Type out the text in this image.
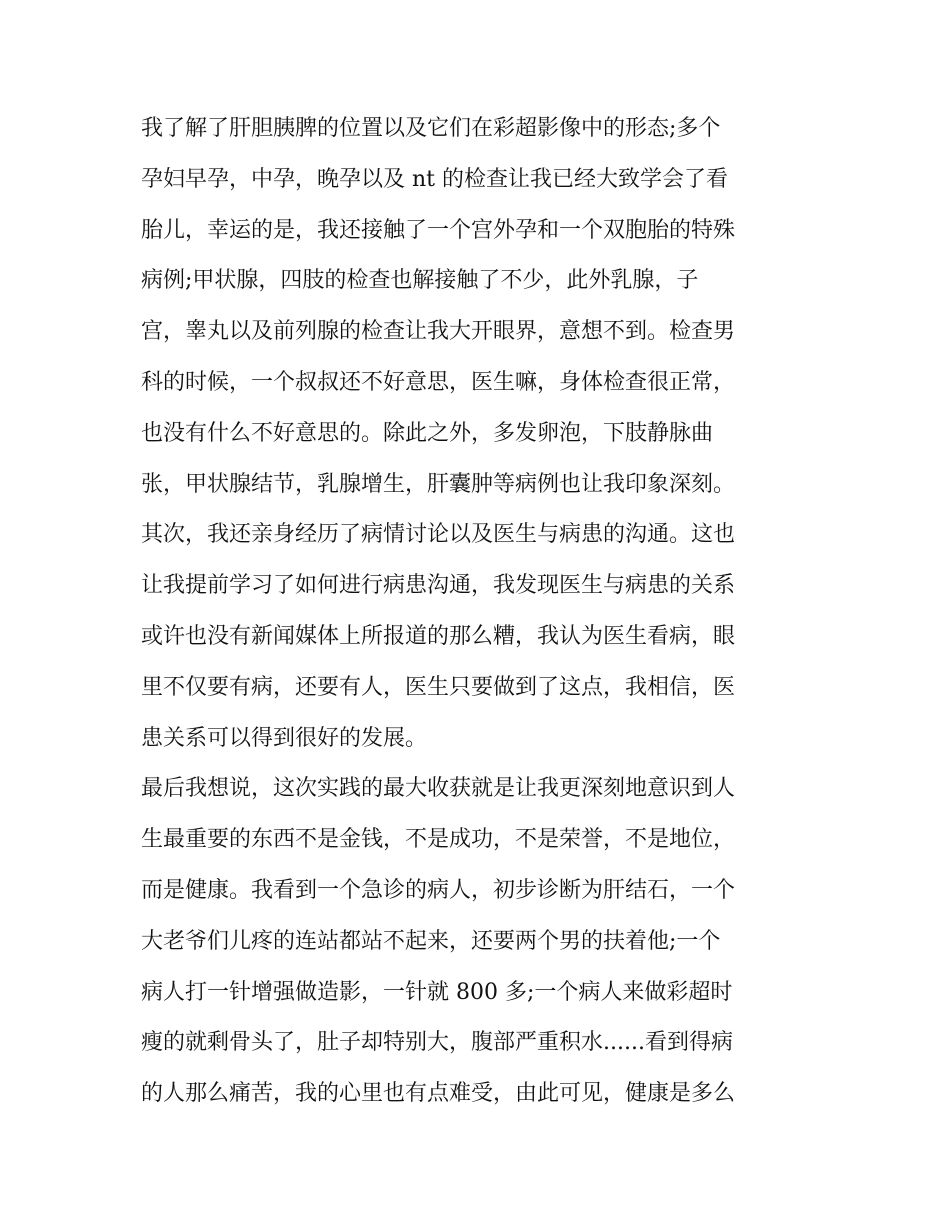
我了解了肝胆胰脾的位置以及它们在彩超影像中的形态;多个
孕妇早孕，中孕，晚孕以及 nt 的检查让我已经大致学会了看
胎儿，幸运的是，我还接触了一个宫外孕和一个双胞胎的特殊
病例;甲状腺，四肢的检查也解接触了不少，此外乳腺，子
宫，睾丸以及前列腺的检查让我大开眼界，意想不到。检查男
科的时候，一个叔叔还不好意思，医生嘛，身体检查很正常，
也没有什么不好意思的。除此之外，多发卵泡，下肢静脉曲
张，甲状腺结节，乳腺增生，肝囊肿等病例也让我印象深刻。
其次，我还亲身经历了病情讨论以及医生与病患的沟通。这也
让我提前学习了如何进行病患沟通，我发现医生与病患的关系
或许也没有新闻媒体上所报道的那么糟，我认为医生看病，眼
里不仅要有病，还要有人，医生只要做到了这点，我相信，医
患关系可以得到很好的发展。
最后我想说，这次实践的最大收获就是让我更深刻地意识到人
生最重要的东西不是金钱，不是成功，不是荣誉，不是地位，
而是健康。我看到一个急诊的病人，初步诊断为肝结石，一个
大老爷们儿疼的连站都站不起来，还要两个男的扶着他;一个
病人打一针增强做造影，一针就 800 多;一个病人来做彩超时
瘦的就剩骨头了，肚子却特别大，腹部严重积水......看到得病
的人那么痛苦，我的心里也有点难受，由此可见，健康是多么
